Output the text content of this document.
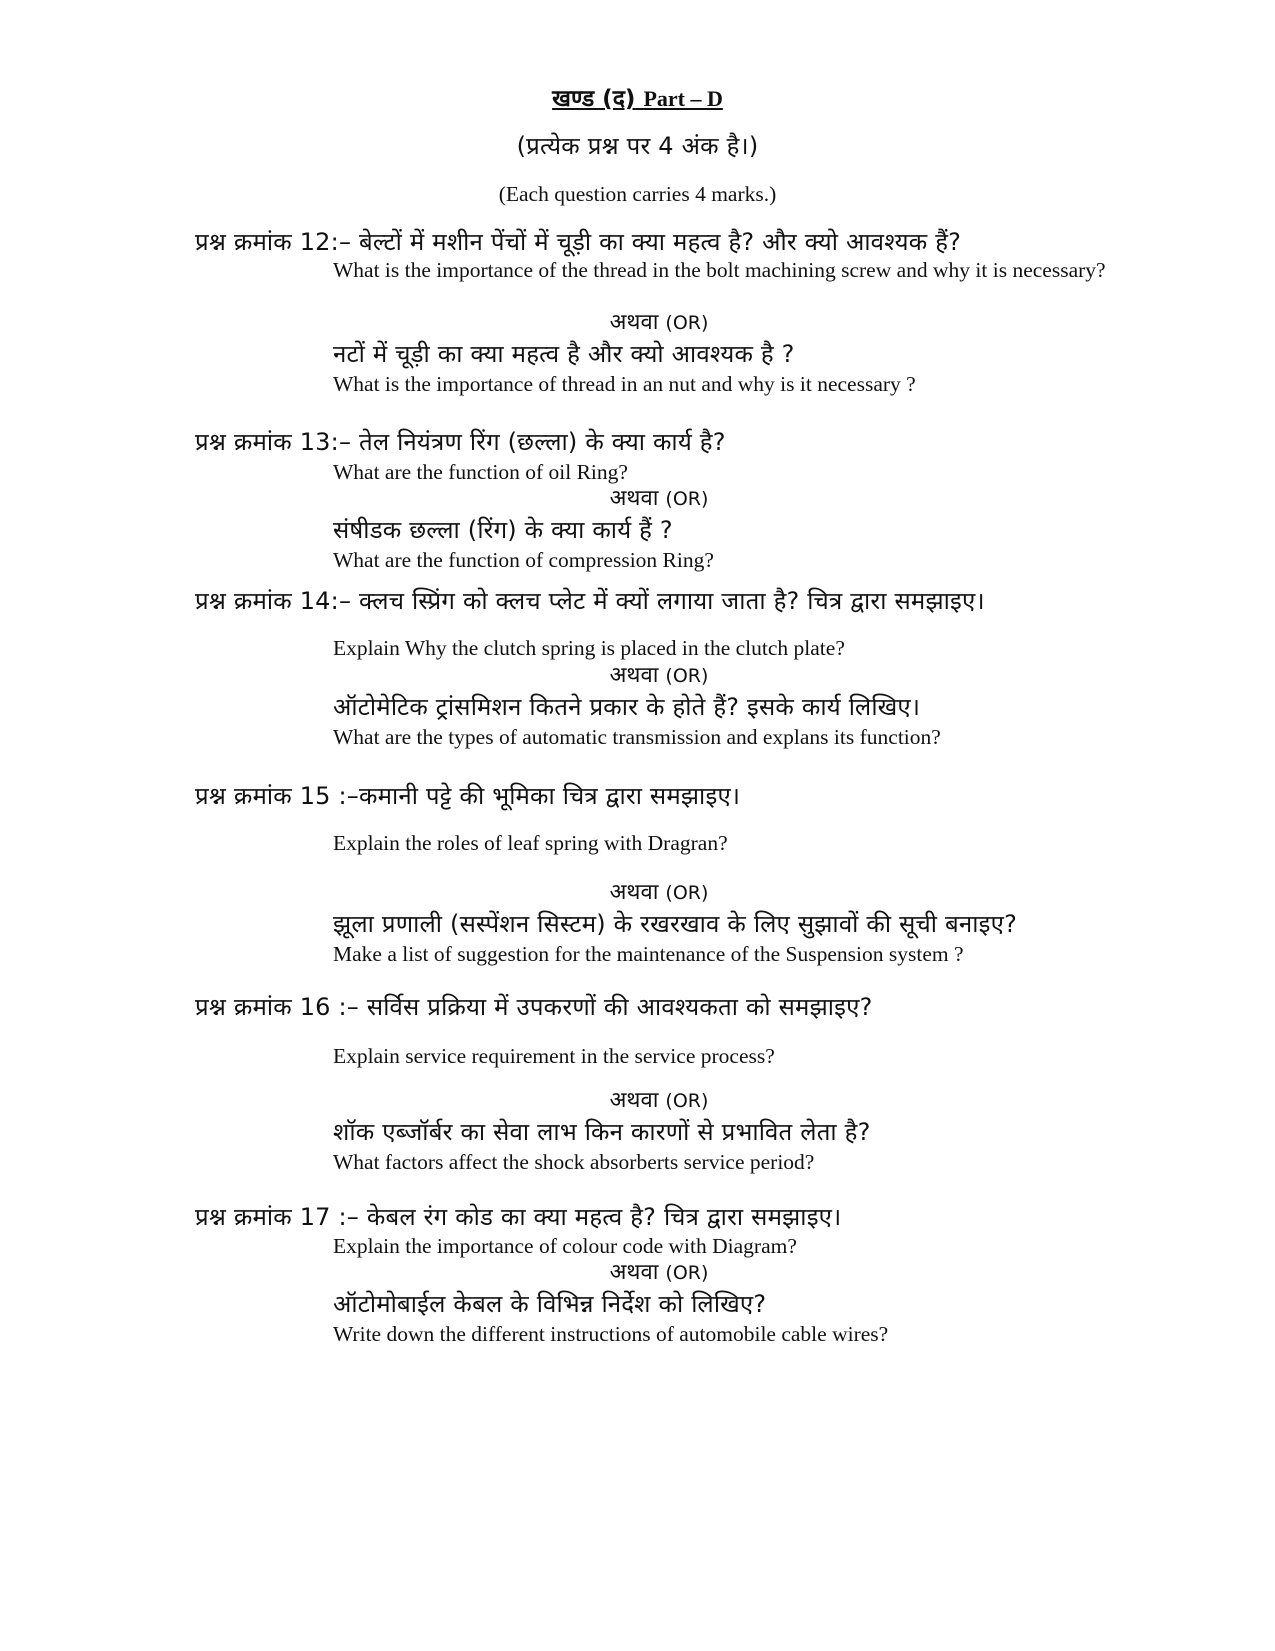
खण्ड (द) Part – D
(प्रत्येक प्रश्न पर 4 अंक है।)
(Each question carries 4 marks.)
प्रश्न क्रमांक 12:– बेल्टों में मशीन पेंचों में चूड़ी का क्या महत्व है? और क्यो आवश्यक हैं?
What is the importance of the thread in the bolt machining screw and why it is necessary?
अथवा (OR)
नटों में चूड़ी का क्या महत्व है और क्यो आवश्यक है ?
What is the importance of thread in an nut and why is it necessary ?
प्रश्न क्रमांक 13:– तेल नियंत्रण रिंग (छल्ला) के क्या कार्य है?
What are the function of oil Ring?
अथवा (OR)
संषीडक छल्ला (रिंग) के क्या कार्य हैं ?
What are the function of compression Ring?
प्रश्न क्रमांक 14:– क्लच स्प्रिंग को क्लच प्लेट में क्यों लगाया जाता है? चित्र द्वारा समझाइए।
Explain Why the clutch spring is placed in the clutch plate?
अथवा (OR)
ऑटोमेटिक ट्रांसमिशन कितने प्रकार के होते हैं? इसके कार्य लिखिए।
What are the types of automatic transmission and explans its function?
प्रश्न क्रमांक 15 :–कमानी पट्टे की भूमिका चित्र द्वारा समझाइए।
Explain the roles of leaf spring with Dragran?
अथवा (OR)
झूला प्रणाली (सस्पेंशन सिस्टम) के रखरखाव के लिए सुझावों की सूची बनाइए?
Make a list of suggestion for the maintenance of the Suspension system ?
प्रश्न क्रमांक 16 :– सर्विस प्रक्रिया में उपकरणों की आवश्यकता को समझाइए?
Explain service requirement in the service process?
अथवा (OR)
शॉक एब्जॉर्बर का सेवा लाभ किन कारणों से प्रभावित लेता है?
What factors affect the shock absorberts service period?
प्रश्न क्रमांक 17 :– केबल रंग कोड का क्या महत्व है? चित्र द्वारा समझाइए।
Explain the importance of colour code with Diagram?
अथवा (OR)
ऑटोमोबाईल केबल के विभिन्न निर्देश को लिखिए?
Write down the different instructions of automobile cable wires?
